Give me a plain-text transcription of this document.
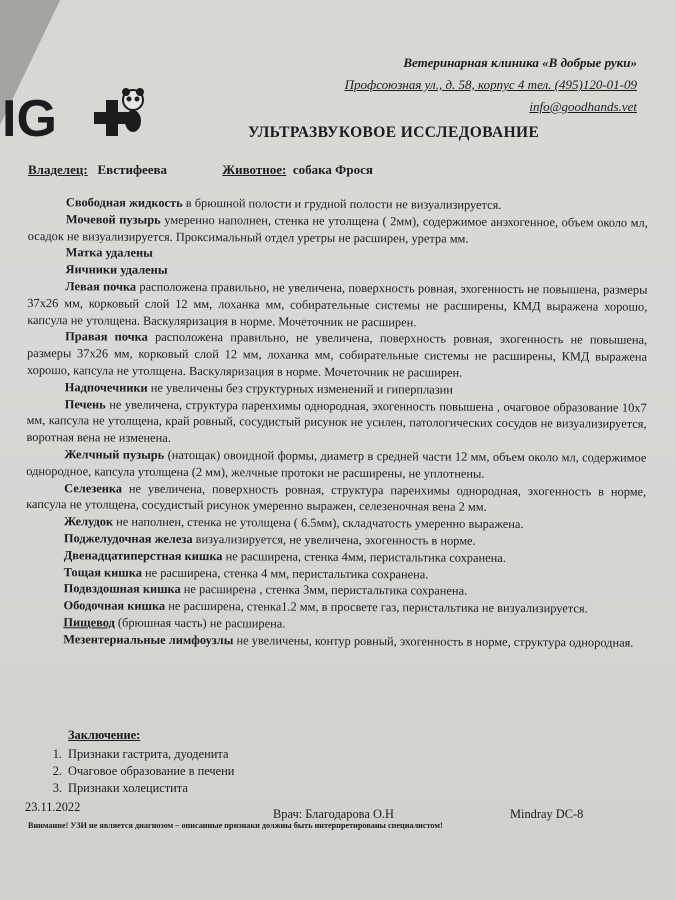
Ветеринарная клиника «В добрые руки»
Профсоюзная ул., д. 58, корпус 4 тел. (495)120-01-09
info@goodhands.vet
IG	УЛЬТРАЗВУКОВОЕ ИССЛЕДОВАНИЕ
Владелец: Евстифеева	Животное: собака Фрося

Свободная жидкость в брюшной полости и грудной полости не визуализируется.

Мочевой пузырь умеренно наполнен, стенка не утолщена ( 2мм), содержимое анэхогенное, объем около мл, осадок не визуализируется. Проксимальный отдел уретры не расширен, уретра мм.

Матка удалены

Яичники удалены

Левая почка расположена правильно, не увеличена, поверхность ровная, эхогенность не повышена, размеры 37х26 мм, корковый слой 12 мм, лоханка мм, собирательные системы не расширены, КМД выражена хорошо, капсула не утолщена. Васкуляризация в норме. Мочеточник не расширен.

Правая почка расположена правильно, не увеличена, поверхность ровная, эхогенность не повышена, размеры 37х26 мм, корковый слой 12 мм, лоханка мм, собирательные системы не расширены, КМД выражена хорошо, капсула не утолщена. Васкуляризация в норме. Мочеточник не расширен.

Надпочечники не увеличены без структурных изменений и гиперплазии

Печень не увеличена, структура паренхимы однородная, эхогенность повышена , очаговое образование 10х7 мм, капсула не утолщена, край ровный, сосудистый рисунок не усилен, патологических сосудов не визуализируется, воротная вена не изменена.

Желчный пузырь (натощак) овоидной формы, диаметр в средней части 12 мм, объем около мл, содержимое однородное, капсула утолщена (2 мм), желчные протоки не расширены, не уплотнены.

Селезенка не увеличена, поверхность ровная, структура паренхимы однородная, эхогенность в норме, капсула не утолщена, сосудистый рисунок умеренно выражен, селезеночная вена 2 мм.

Желудок не наполнен, стенка не утолщена ( 6.5мм), складчатость умеренно выражена.

Поджелудочная железа визуализируется, не увеличена, эхогенность в норме.

Двенадцатиперстная кишка не расширена, стенка 4мм, перистальтика сохранена.

Тощая кишка не расширена, стенка 4 мм, перистальтика сохранена.

Подвздошная кишка не расширена , стенка 3мм, перистальтика сохранена.

Ободочная кишка не расширена, стенка1.2 мм, в просвете газ, перистальтика не визуализируется.

Пищевод (брюшная часть) не расширена.

Мезентериальные лимфоузлы не увеличены, контур ровный, эхогенность в норме, структура однородная.

Заключение:
1. Признаки гастрита, дуоденита
2. Очаговое образование в печени
3. Признаки холецистита
23.11.2022	Врач: Благодарова О.Н	Mindray DC-8
Внимание! УЗИ не является диагнозом – описанные признаки должны быть интерпретированы специалистом!
